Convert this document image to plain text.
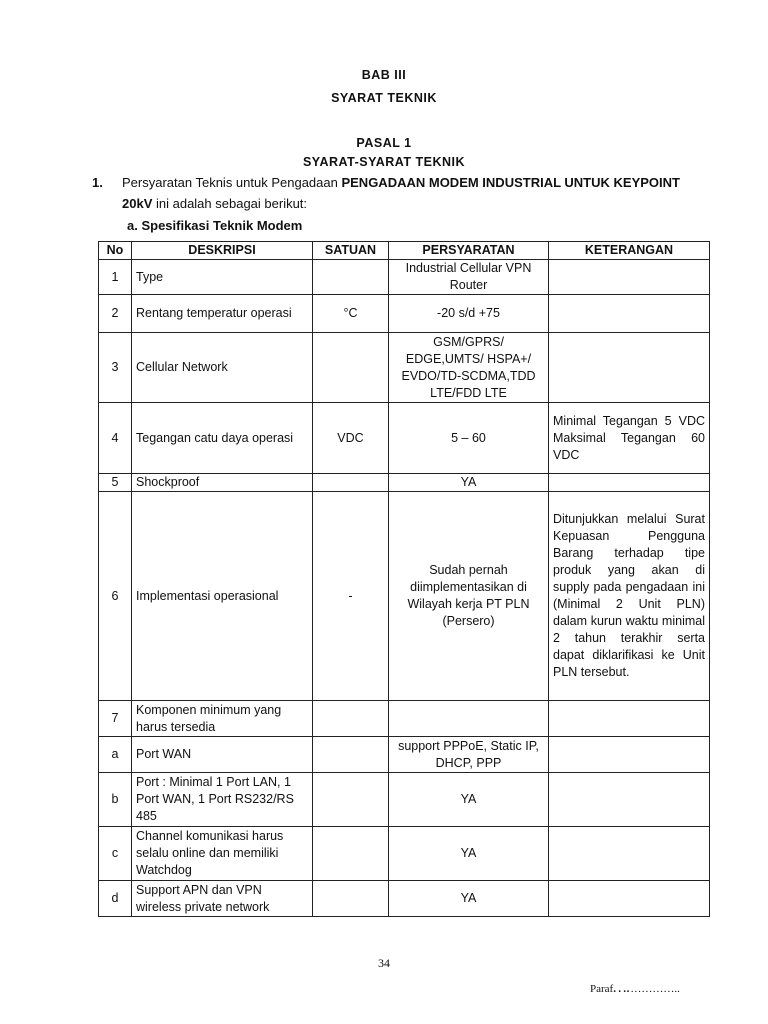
BAB III
SYARAT TEKNIK
PASAL 1
SYARAT-SYARAT TEKNIK
1. Persyaratan Teknis untuk Pengadaan PENGADAAN MODEM INDUSTRIAL UNTUK KEYPOINT
20kV ini adalah sebagai berikut:
a. Spesifikasi Teknik Modem
No	DESKRIPSI	SATUAN	PERSYARATAN	KETERANGAN
1	Type		Industrial Cellular VPN Router	
2	Rentang temperatur operasi	°C	-20 s/d +75	
3	Cellular Network		GSM/GPRS/ EDGE,UMTS/ HSPA+/ EVDO/TD-SCDMA,TDD LTE/FDD LTE	
4	Tegangan catu daya operasi	VDC	5 – 60	Minimal Tegangan 5 VDC Maksimal Tegangan 60 VDC
5	Shockproof		YA	
6	Implementasi operasional	-	Sudah pernah diimplementasikan di Wilayah kerja PT PLN (Persero)	Ditunjukkan melalui Surat Kepuasan Pengguna Barang terhadap tipe produk yang akan di supply pada pengadaan ini (Minimal 2 Unit PLN) dalam kurun waktu minimal 2 tahun terakhir serta dapat diklarifikasi ke Unit PLN tersebut.
7	Komponen minimum yang harus tersedia			
a	Port WAN		support PPPoE, Static IP, DHCP, PPP	
b	Port : Minimal 1 Port LAN, 1 Port WAN, 1 Port RS232/RS 485		YA	
c	Channel komunikasi harus selalu online dan memiliki Watchdog		YA	
d	Support APN dan VPN wireless private network		YA	
34
Paraf….…………..
